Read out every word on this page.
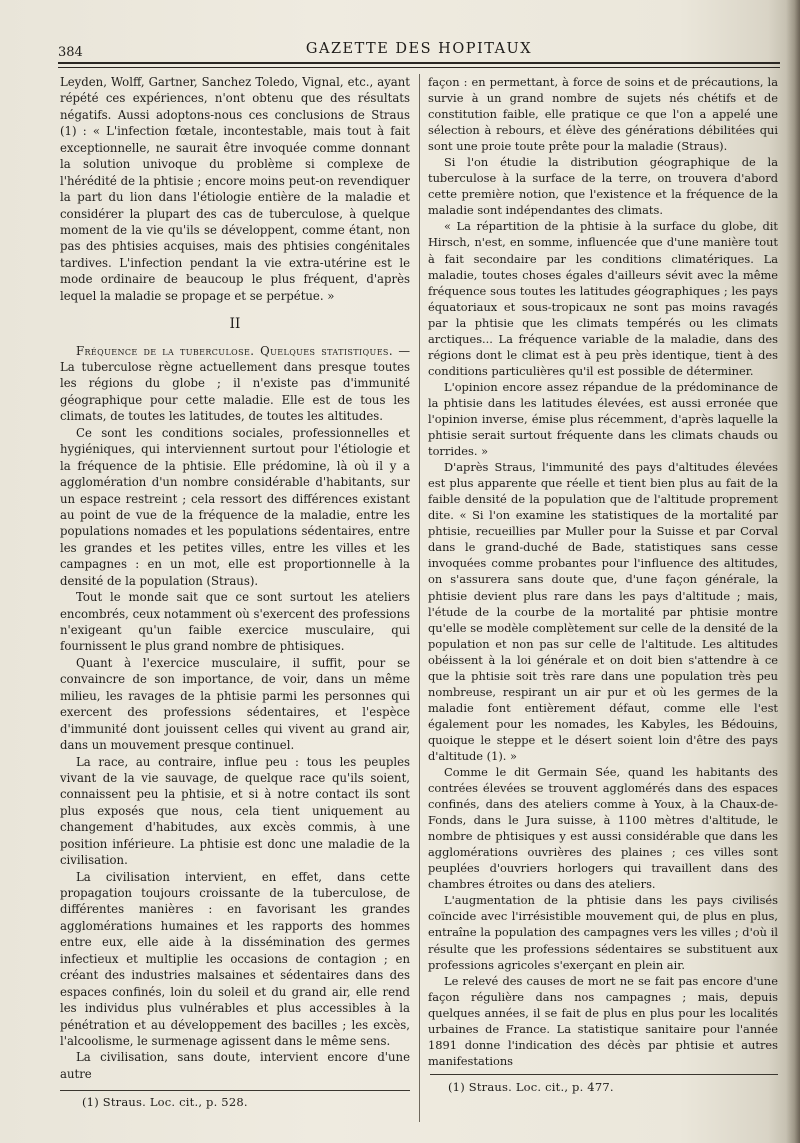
384	GAZETTE DES HOPITAUX

Leyden, Wolff, Gartner, Sanchez Toledo, Vignal, etc., ayant répété ces expériences, n'ont obtenu que des résultats négatifs. Aussi adoptons-nous ces conclusions de Straus (1) : « L'infection fœtale, incontestable, mais tout à fait exceptionnelle, ne saurait être invoquée comme donnant la solution univoque du problème si complexe de l'hérédité de la phtisie ; encore moins peut-on revendiquer la part du lion dans l'étiologie entière de la maladie et considérer la plupart des cas de tuberculose, à quelque moment de la vie qu'ils se développent, comme étant, non pas des phtisies acquises, mais des phtisies congénitales tardives. L'infection pendant la vie extra-utérine est le mode ordinaire de beaucoup le plus fréquent, d'après lequel la maladie se propage et se perpétue. »

II

Fréquence de la tuberculose. Quelques statistiques. — La tuberculose règne actuellement dans presque toutes les régions du globe ; il n'existe pas d'immunité géographique pour cette maladie. Elle est de tous les climats, de toutes les latitudes, de toutes les altitudes.

Ce sont les conditions sociales, professionnelles et hygiéniques, qui interviennent surtout pour l'étiologie et la fréquence de la phtisie. Elle prédomine, là où il y a agglomération d'un nombre considérable d'habitants, sur un espace restreint ; cela ressort des différences existant au point de vue de la fréquence de la maladie, entre les populations nomades et les populations sédentaires, entre les grandes et les petites villes, entre les villes et les campagnes : en un mot, elle est proportionnelle à la densité de la population (Straus).

Tout le monde sait que ce sont surtout les ateliers encombrés, ceux notamment où s'exercent des professions n'exigeant qu'un faible exercice musculaire, qui fournissent le plus grand nombre de phtisiques.

Quant à l'exercice musculaire, il suffit, pour se convaincre de son importance, de voir, dans un même milieu, les ravages de la phtisie parmi les personnes qui exercent des professions sédentaires, et l'espèce d'immunité dont jouissent celles qui vivent au grand air, dans un mouvement presque continuel.

La race, au contraire, influe peu : tous les peuples vivant de la vie sauvage, de quelque race qu'ils soient, connaissent peu la phtisie, et si à notre contact ils sont plus exposés que nous, cela tient uniquement au changement d'habitudes, aux excès commis, à une position inférieure. La phtisie est donc une maladie de la civilisation.

La civilisation intervient, en effet, dans cette propagation toujours croissante de la tuberculose, de différentes manières : en favorisant les grandes agglomérations humaines et les rapports des hommes entre eux, elle aide à la dissémination des germes infectieux et multiplie les occasions de contagion ; en créant des industries malsaines et sédentaires dans des espaces confinés, loin du soleil et du grand air, elle rend les individus plus vulnérables et plus accessibles à la pénétration et au développement des bacilles ; les excès, l'alcoolisme, le surmenage agissent dans le même sens.

La civilisation, sans doute, intervient encore d'une autre

façon : en permettant, à force de soins et de précautions, la survie à un grand nombre de sujets nés chétifs et de constitution faible, elle pratique ce que l'on a appelé une sélection à rebours, et élève des générations débilitées qui sont une proie toute prête pour la maladie (Straus).

Si l'on étudie la distribution géographique de la tuberculose à la surface de la terre, on trouvera d'abord cette première notion, que l'existence et la fréquence de la maladie sont indépendantes des climats.

« La répartition de la phtisie à la surface du globe, dit Hirsch, n'est, en somme, influencée que d'une manière tout à fait secondaire par les conditions climatériques. La maladie, toutes choses égales d'ailleurs sévit avec la même fréquence sous toutes les latitudes géographiques ; les pays équatoriaux et sous-tropicaux ne sont pas moins ravagés par la phtisie que les climats tempérés ou les climats arctiques... La fréquence variable de la maladie, dans des régions dont le climat est à peu près identique, tient à des conditions particulières qu'il est possible de déterminer.

L'opinion encore assez répandue de la prédominance de la phtisie dans les latitudes élevées, est aussi erronée que l'opinion inverse, émise plus récemment, d'après laquelle la phtisie serait surtout fréquente dans les climats chauds ou torrides. »

D'après Straus, l'immunité des pays d'altitudes élevées est plus apparente que réelle et tient bien plus au fait de la faible densité de la population que de l'altitude proprement dite. « Si l'on examine les statistiques de la mortalité par phtisie, recueillies par Muller pour la Suisse et par Corval dans le grand-duché de Bade, statistiques sans cesse invoquées comme probantes pour l'influence des altitudes, on s'assurera sans doute que, d'une façon générale, la phtisie devient plus rare dans les pays d'altitude ; mais, l'étude de la courbe de la mortalité par phtisie montre qu'elle se modèle complètement sur celle de la densité de la population et non pas sur celle de l'altitude. Les altitudes obéissent à la loi générale et on doit bien s'attendre à ce que la phtisie soit très rare dans une population très peu nombreuse, respirant un air pur et où les germes de la maladie font entièrement défaut, comme elle l'est également pour les nomades, les Kabyles, les Bédouins, quoique le steppe et le désert soient loin d'être des pays d'altitude (1). »

Comme le dit Germain Sée, quand les habitants des contrées élevées se trouvent agglomérés dans des espaces confinés, dans des ateliers comme à Youx, à la Chaux-de-Fonds, dans le Jura suisse, à 1100 mètres d'altitude, le nombre de phtisiques y est aussi considérable que dans les agglomérations ouvrières des plaines ; ces villes sont peuplées d'ouvriers horlogers qui travaillent dans des chambres étroites ou dans des ateliers.

L'augmentation de la phtisie dans les pays civilisés coïncide avec l'irrésistible mouvement qui, de plus en plus, entraîne la population des campagnes vers les villes ; d'où il résulte que les professions sédentaires se substituent aux professions agricoles s'exerçant en plein air.

Le relevé des causes de mort ne se fait pas encore d'une façon régulière dans nos campagnes ; mais, depuis quelques années, il se fait de plus en plus pour les localités urbaines de France. La statistique sanitaire pour l'année 1891 donne l'indication des décès par phtisie et autres manifestations

(1) Straus. Loc. cit., p. 528.
(1) Straus. Loc. cit., p. 477.
